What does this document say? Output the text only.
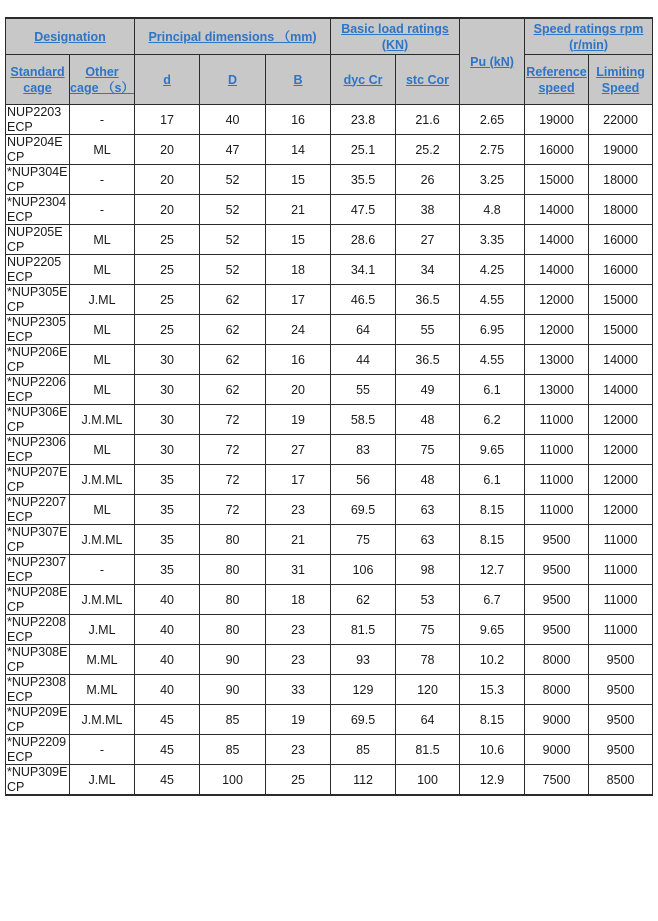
Designation		Principal dimensions （mm)			Basic load ratings (KN)		Pu (kN)	Speed ratings rpm (r/min)	
Standard cage	Other cage （s）	d	D	B	dyc Cr	stc Cor		Reference speed	Limiting Speed
NUP2203ECP	-	17	40	16	23.8	21.6	2.65	19000	22000
NUP204ECP	ML	20	47	14	25.1	25.2	2.75	16000	19000
*NUP304ECP	-	20	52	15	35.5	26	3.25	15000	18000
*NUP2304ECP	-	20	52	21	47.5	38	4.8	14000	18000
NUP205ECP	ML	25	52	15	28.6	27	3.35	14000	16000
NUP2205ECP	ML	25	52	18	34.1	34	4.25	14000	16000
*NUP305ECP	J.ML	25	62	17	46.5	36.5	4.55	12000	15000
*NUP2305ECP	ML	25	62	24	64	55	6.95	12000	15000
*NUP206ECP	ML	30	62	16	44	36.5	4.55	13000	14000
*NUP2206ECP	ML	30	62	20	55	49	6.1	13000	14000
*NUP306ECP	J.M.ML	30	72	19	58.5	48	6.2	11000	12000
*NUP2306ECP	ML	30	72	27	83	75	9.65	11000	12000
*NUP207ECP	J.M.ML	35	72	17	56	48	6.1	11000	12000
*NUP2207ECP	ML	35	72	23	69.5	63	8.15	11000	12000
*NUP307ECP	J.M.ML	35	80	21	75	63	8.15	9500	11000
*NUP2307ECP	-	35	80	31	106	98	12.7	9500	11000
*NUP208ECP	J.M.ML	40	80	18	62	53	6.7	9500	11000
*NUP2208ECP	J.ML	40	80	23	81.5	75	9.65	9500	11000
*NUP308ECP	M.ML	40	90	23	93	78	10.2	8000	9500
*NUP2308ECP	M.ML	40	90	33	129	120	15.3	8000	9500
*NUP209ECP	J.M.ML	45	85	19	69.5	64	8.15	9000	9500
*NUP2209ECP	-	45	85	23	85	81.5	10.6	9000	9500
*NUP309ECP	J.ML	45	100	25	112	100	12.9	7500	8500
